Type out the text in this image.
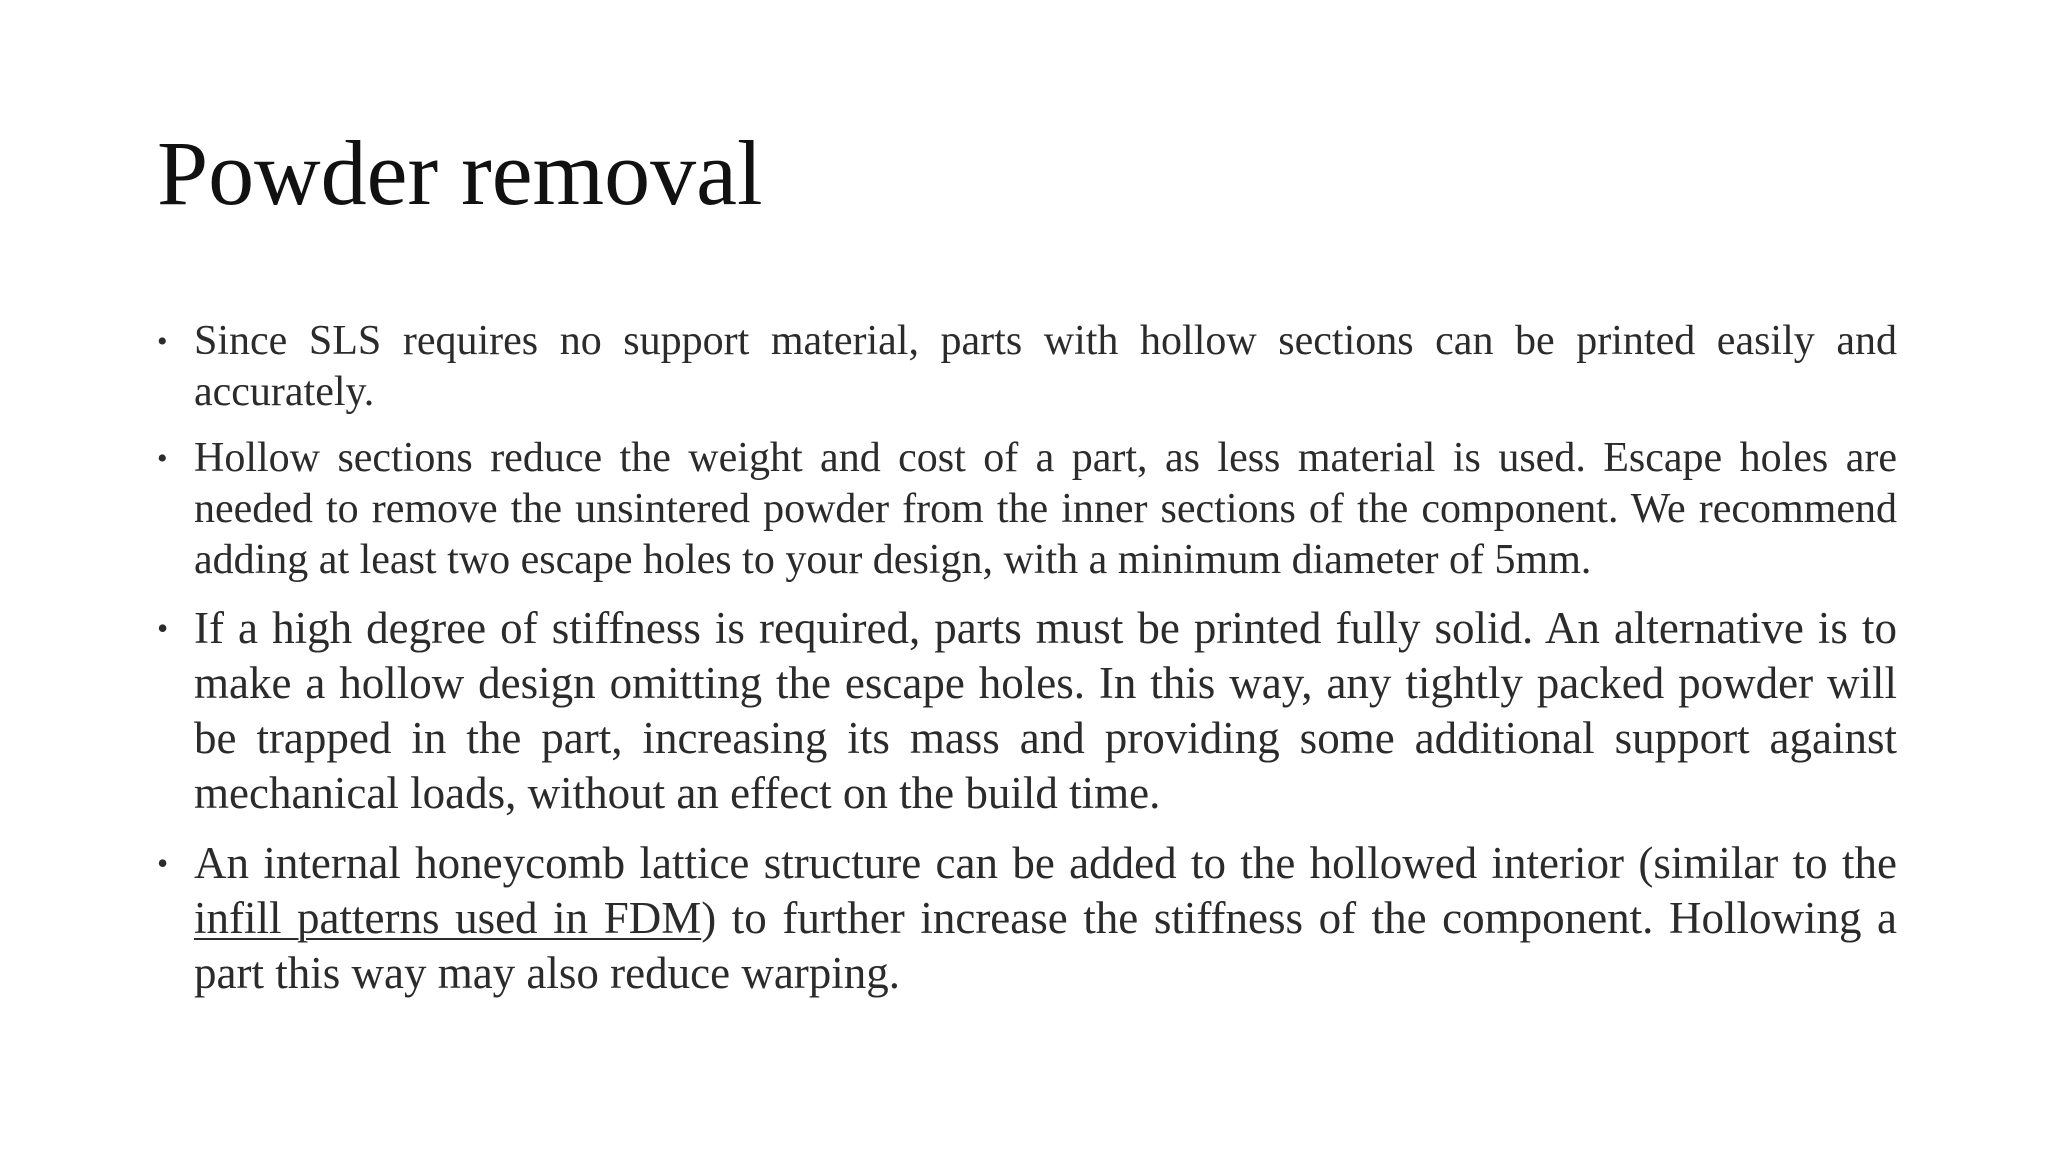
Powder removal
• Since SLS requires no support material, parts with hollow sections can be printed easily and accurately.
• Hollow sections reduce the weight and cost of a part, as less material is used. Escape holes are needed to remove the unsintered powder from the inner sections of the component. We recommend adding at least two escape holes to your design, with a minimum diameter of 5mm.
• If a high degree of stiffness is required, parts must be printed fully solid. An alternative is to make a hollow design omitting the escape holes. In this way, any tightly packed powder will be trapped in the part, increasing its mass and providing some additional support against mechanical loads, without an effect on the build time.
• An internal honeycomb lattice structure can be added to the hollowed interior (similar to the infill patterns used in FDM) to further increase the stiffness of the component. Hollowing a part this way may also reduce warping.
